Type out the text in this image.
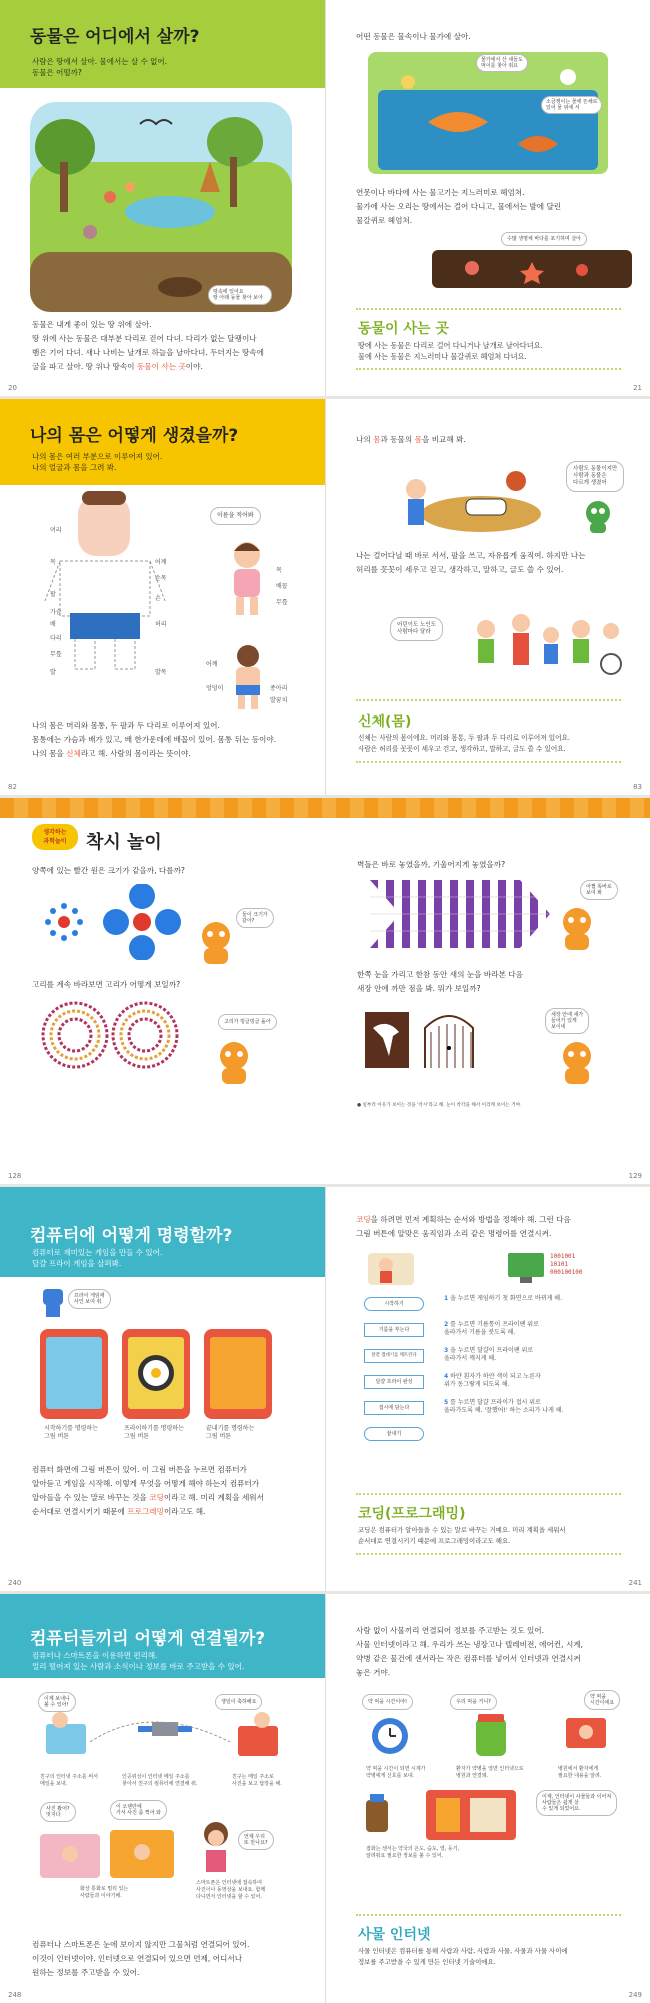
동물은 어디에서 살까?
사람은 땅에서 살아. 물에서는 살 수 없어.
동물은 어떨까?
땅속에 있어요
땅 아래 동물 찾아 보아
동물은 내게 좋이 있는 땅 위에 살아.
땅 위에 사는 동물은 대부분 다리로 걷어 다녀. 다리가 없는 달팽이나
뱀은 기어 다녀. 새나 나비는 날개로 하늘을 날아다녀. 두더지는 땅속에
굴을 파고 살아. 땅 위나 땅속이 동물이 사는 곳이야.
20
어떤 동물은 물속이나 물가에 살아.
물가에서 산 새들도
먹이를 찾아 줘요
소금쟁이는 물에 뜬채로
있어 물 위에 서
연못이나 바다에 사는 물고기는 지느러미로 헤엄쳐.
물가에 사는 오리는 땅에서는 걸어 다니고, 물에서는 발에 달린
물갈퀴로 헤엄쳐.
수많 생명체 바다를 포기하며 살아
동물이 사는 곳
땅에 사는 동물은 다리로 걸어 다니거나 날개로 날아다녀요.
물에 사는 동물은 지느러미나 물갈퀴로 헤엄쳐 다녀요.
21
나의 몸은 어떻게 생겼을까?
나의 몸은 여러 부분으로 이루어져 있어.
나의 얼굴과 몸을 그려 봐.
머리
목
팔
가슴
배
다리
무릎
발
어깨
손목
손
허리
발목
이름을 적어봐
목
배꼽
무릎
어깨
엉덩이	종아리
발꿈치
나의 몸은 머리와 몸통, 두 팔과 두 다리로 이루어져 있어.
몸통에는 가슴과 배가 있고, 배 한가운데에 배꼽이 있어. 몸통 뒤는 등이야.
나의 몸을 신체라고 해. 사람의 몸이라는 뜻이야.
82
나의 몸과 동물의 몸을 비교해 봐.
사람도 동물이지만
사람과 동물은
다르게 생겼어
나는 걸어다닐 때 바로 서서, 팔을 쓰고, 자유롭게 움직여. 하지만 나는
허리를 꼿꼿이 세우고 걷고, 생각하고, 말하고, 글도 쓸 수 있어.
어린이도 노인도
사람마다 달라
신체(몸)
신체는 사람의 몸이에요. 머리와 몸통, 두 팔과 두 다리로 이루어져 있어요.
사람은 허리를 꼿꼿이 세우고 걷고, 생각하고, 말하고, 글도 쓸 수 있어요.
83
생각하는
과학놀이	착시 놀이
양쪽에 있는 빨간 원은 크기가 같을까, 다를까?
둘이 크기가
같아?
고리를 계속 바라보면 고리가 어떻게 보일까?
고리가 빙글빙글 돌아
128
벽돌은 바로 놓였을까, 기울어지게 놓였을까?
어쩜 똑바로
보여 봐
한쪽 눈을 가리고 한참 동안 새의 눈을 바라본 다음
새장 안에 까만 점을 봐. 뭐가 보일까?
새장 안에 새가
들어가 있게
보이네
● 일부러 이유가 보이는 것을 '착시'라고 해. 눈이 착각을 해서 이리케 보이는 거야.
129
컴퓨터에 어떻게 명령할까?
컴퓨터로 재미있는 게임을 만들 수 있어.
달걀 프라이 게임을 살펴봐.
프라이 게임에
사인 보여 줘
시작하기를 명령하는
그림 버튼
프라이하기를 명령하는
그림 버튼
끝내기를 명령하는
그림 버튼
컴퓨터 화면에 그림 버튼이 있어. 이 그림 버튼을 누르면 컴퓨터가
알아듣고 게임을 시작해. 이렇게 무엇을 어떻게 해야 하는지 컴퓨터가
알아들을 수 있는 말로 바꾸는 것을 코딩이라고 해. 미리 계획을 세워서
순서대로 연결시키기 때문에 프로그래밍이라고도 해.
240
코딩을 하려면 먼저 계획하는 순서와 방법을 정해야 해. 그런 다음
그림 버튼에 알맞은 움직임과 소리 같은 명령어를 연결시켜.
1001001
10101
000100100
시작하기
기름을 부는다
달걀 껍데기를 깨트린다
달걀 프라이 완성
접시에 담는다
끝내기
1 을 누르면 게임하기 첫 화면으로 바뀌게 해.
2 를 누르면 기름통이 프라이팬 위로
올라가서 기름을 붓도록 해.
3 을 누르면 달걀이 프라이팬 위로
올라가서 깨지게 해.
4 하얀 흰자가 하얀 색이 되고 노른자
위가 동그랗게 되도록 해.
5 를 누르면 달걀 프라이가 접시 위로
올라가도록 해. '잘했어!' 하는 소리가 나게 해.
코딩(프로그래밍)
코딩은 컴퓨터가 알아들을 수 있는 말로 바꾸는 거예요. 미리 계획을 세워서
순서대로 연결시키기 때문에 프로그래밍이라고도 해요.
241
컴퓨터들끼리 어떻게 연결될까?
컴퓨터나 스마트폰을 이용하면 편리해.
멀리 떨어져 있는 사람과 소식이나 정보를 바로 주고받을 수 있어.
이제 보내니
볼 수 있어!	생일이 축하해요
친구의 인터넷 주소를 써서
메일을 보내.
인공위성이 인터넷 메일 주소를
찾아서 친구의 컴퓨터에 연결해 줘.
친구는 메일 주소로
사진을 보고 답장을 해.
사진 봤어?
멋지다
이 오랜만에
가서 사진 좀 찍어 와
언제 우리
또 만나요?
화상 통화로 멀리 있는
사람들과 이야기해.
스마트폰은 인터넷에 접속하여
사진이나 동영상을 보내요. 함께
다니면서 인터넷을 할 수 있어.
컴퓨터나 스마트폰은 눈에 보이지 않지만 그물처럼 연결되어 있어.
이것이 인터넷이야. 인터넷으로 연결되어 있으면 언제, 어디서나
원하는 정보를 주고받을 수 있어.
248
사람 없이 사물끼리 연결되어 정보를 주고받는 것도 있어.
사물 인터넷이라고 해. 우리가 쓰는 냉장고나 텔레비전, 에어컨, 시계,
약병 같은 물건에 센서라는 작은 컴퓨터를 넣어서 인터넷과 연결시켜
놓은 거야.
약 먹을 시간이야!	우리 먹을 거니?
약 먹을
시간이에요
약 먹을 시간이 되면 시계가
약병에게 신호를 보내.
환자가 약병을 열면 인터넷으로
병원과 연결돼.
병원에서 환자에게
필요한 내용을 알려.
이제, 인터넷이 사물들과 이어져
사람들은 쉽게 살
수 있게 되었어요.
접화는 센서는 약국의 온도, 습도, 열, 등기,
알려줘요 필요한 정보를 볼 수 있어.
사물 인터넷
사물 인터넷은 컴퓨터를 통해 사람과 사람, 사람과 사물, 사물과 사물 사이에
정보를 주고받을 수 있게 만든 인터넷 기술이에요.
249
